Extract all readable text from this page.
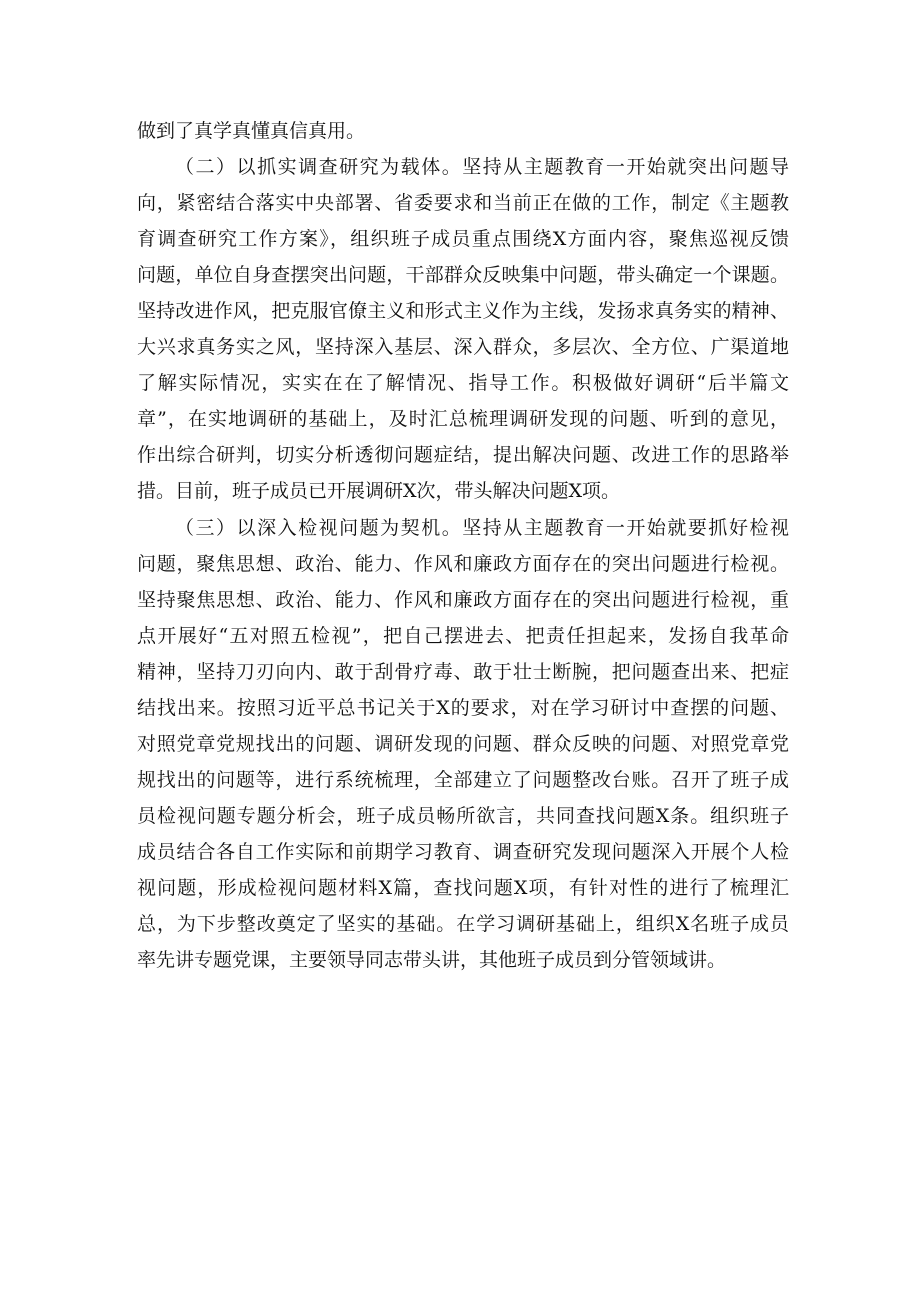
做到了真学真懂真信真用。
（二）以抓实调查研究为载体。坚持从主题教育一开始就突出问题导
向，紧密结合落实中央部署、省委要求和当前正在做的工作，制定《主题教
育调查研究工作方案》，组织班子成员重点围绕X方面内容，聚焦巡视反馈
问题，单位自身查摆突出问题，干部群众反映集中问题，带头确定一个课题。
坚持改进作风，把克服官僚主义和形式主义作为主线，发扬求真务实的精神、
大兴求真务实之风，坚持深入基层、深入群众，多层次、全方位、广渠道地
了解实际情况，实实在在了解情况、指导工作。积极做好调研“后半篇文
章”，在实地调研的基础上，及时汇总梳理调研发现的问题、听到的意见，
作出综合研判，切实分析透彻问题症结，提出解决问题、改进工作的思路举
措。目前，班子成员已开展调研X次，带头解决问题X项。
（三）以深入检视问题为契机。坚持从主题教育一开始就要抓好检视
问题，聚焦思想、政治、能力、作风和廉政方面存在的突出问题进行检视。
坚持聚焦思想、政治、能力、作风和廉政方面存在的突出问题进行检视，重
点开展好“五对照五检视”，把自己摆进去、把责任担起来，发扬自我革命
精神，坚持刀刃向内、敢于刮骨疗毒、敢于壮士断腕，把问题查出来、把症
结找出来。按照习近平总书记关于X的要求，对在学习研讨中查摆的问题、
对照党章党规找出的问题、调研发现的问题、群众反映的问题、对照党章党
规找出的问题等，进行系统梳理，全部建立了问题整改台账。召开了班子成
员检视问题专题分析会，班子成员畅所欲言，共同查找问题X条。组织班子
成员结合各自工作实际和前期学习教育、调查研究发现问题深入开展个人检
视问题，形成检视问题材料X篇，查找问题X项，有针对性的进行了梳理汇
总，为下步整改奠定了坚实的基础。在学习调研基础上，组织X名班子成员
率先讲专题党课，主要领导同志带头讲，其他班子成员到分管领域讲。
